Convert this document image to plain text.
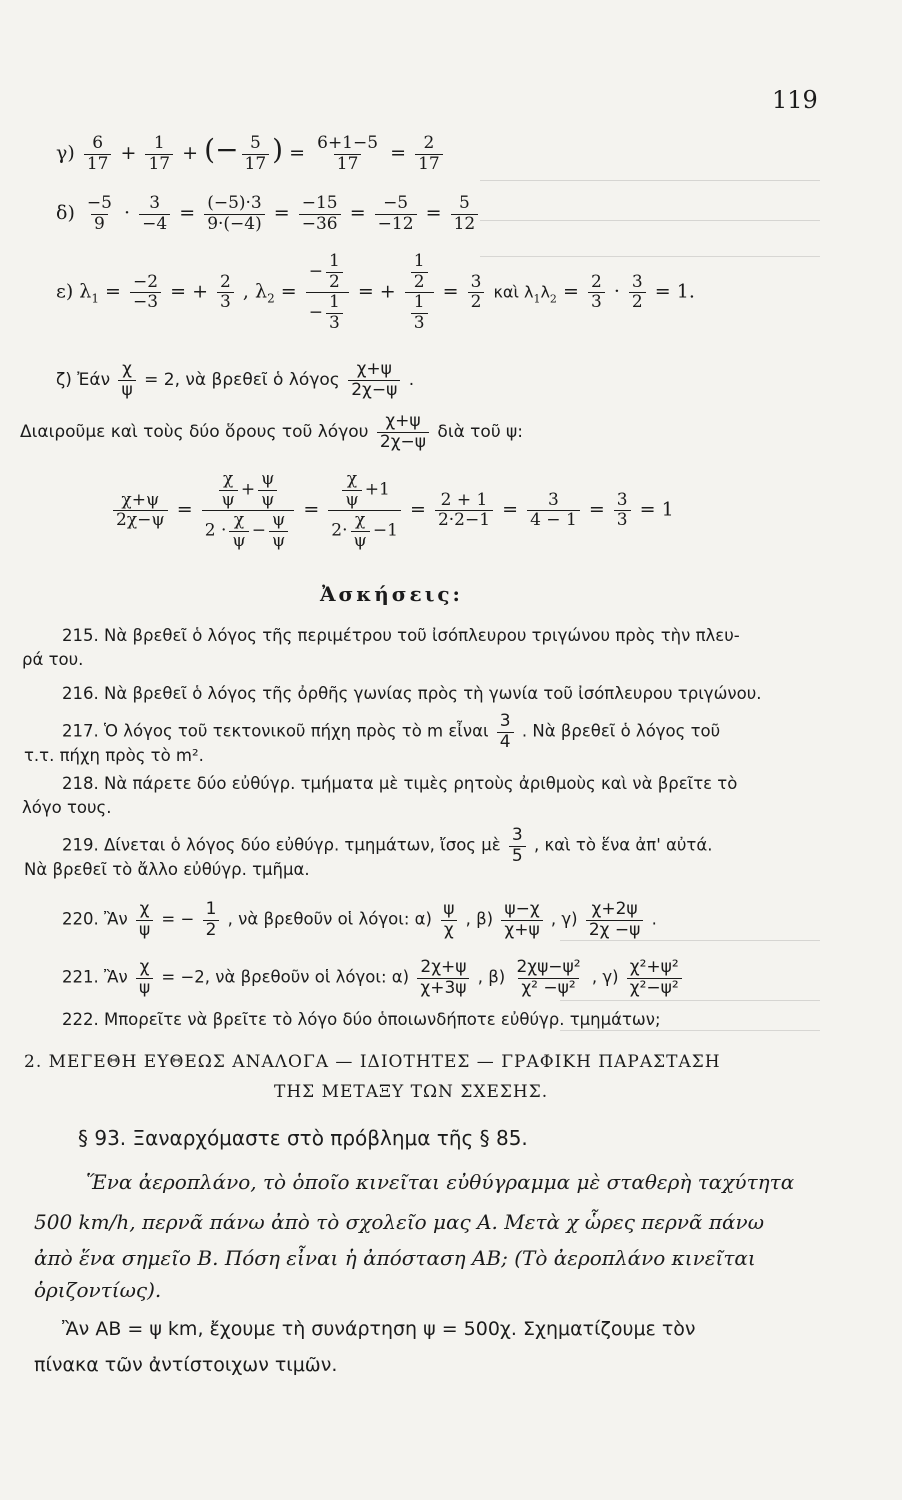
119
$\gamma) \frac{6}{17} + \frac{1}{17}$ + (− $\frac{5}{17}$ ) = $\frac{6+1-5}{17} = \frac{2}{17}$
$\delta) \frac{-5}{9} \cdot \frac{3}{-4} = \frac{(-5)\cdot 3}{9\cdot(-4)} = \frac{-15}{-36} = \frac{-5}{-12} = \frac{5}{12}$
ε) $\lambda_1 = \frac{-2}{-3}$ = + $\frac{2}{3}$ , $\lambda_2 = \frac{- \frac{1}{2}}{- \frac{1}{3}}$ = + $\frac{\frac{1}{2}}{\frac{1}{3}} = \frac{3}{2}$ καὶ $\lambda_1\lambda_2 = \frac{2}{3} \cdot \frac{3}{2} = 1$.
ζ) Ἐάν $\frac{\chi}{\psi} = 2$, νὰ βρεθεῖ ὁ λόγος $\frac{\chi+\psi}{2\chi-\psi}$ .
Διαιροῦμε καὶ τοὺς δύο ὅρους τοῦ λόγου $\frac{\chi+\psi}{2\chi-\psi}$ διὰ τοῦ ψ:
$\frac{\chi+\psi}{2\chi-\psi} = \frac{\frac{\chi}{\psi} + \frac{\psi}{\psi}}{2 \cdot \frac{\chi}{\psi} - \frac{\psi}{\psi}} = \frac{\frac{\chi}{\psi} +1}{2\cdot \frac{\chi}{\psi} -1} = \frac{2 + 1}{2\cdot 2-1} = \frac{3}{4 - 1} = \frac{3}{3} = 1$
Ἀσκήσεις:
215. Νὰ βρεθεῖ ὁ λόγος τῆς περιμέτρου τοῦ ἰσόπλευρου τριγώνου πρὸς τὴν πλευ-
ρά του.
216. Νὰ βρεθεῖ ὁ λόγος τῆς ὀρθῆς γωνίας πρὸς τὴ γωνία τοῦ ἰσόπλευρου τριγώνου.
217. Ὁ λόγος τοῦ τεκτονικοῦ πήχη πρὸς τὸ m εἶναι $\frac{3}{4}$ . Νὰ βρεθεῖ ὁ λόγος τοῦ
τ.τ. πήχη πρὸς τὸ m².
218. Νὰ πάρετε δύο εὐθύγρ. τμήματα μὲ τιμὲς ρητοὺς ἀριθμοὺς καὶ νὰ βρεῖτε τὸ
λόγο τους.
219. Δίνεται ὁ λόγος δύο εὐθύγρ. τμημάτων, ἴσος μὲ $\frac{3}{5}$ , καὶ τὸ ἕνα ἀπ' αὐτά.
Νὰ βρεθεῖ τὸ ἄλλο εὐθύγρ. τμῆμα.
220. Ἂν $\frac{\chi}{\psi}$ = − $\frac{1}{2}$ , νὰ βρεθοῦν οἱ λόγοι: $\alpha) \frac{\psi}{\chi}$ , $\beta) \frac{\psi-\chi}{\chi+\psi}$ , $\gamma) \frac{\chi+2\psi}{2\chi -\psi}$ .
221. Ἂν $\frac{\chi}{\psi} = -2$, νὰ βρεθοῦν οἱ λόγοι: $\alpha) \frac{2\chi+\psi}{\chi+3\psi}$ , $\beta) \frac{\text{2χψ−ψ²}}{\text{χ² −ψ²}}$ , $\gamma) \frac{\text{χ²+ψ²}}{\text{χ²−ψ²}}$
222. Μπορεῖτε νὰ βρεῖτε τὸ λόγο δύο ὁποιωνδήποτε εὐθύγρ. τμημάτων;
2. ΜΕΓΕΘΗ ΕΥΘΕΩΣ ΑΝΑΛΟΓΑ — ΙΔΙΟΤΗΤΕΣ — ΓΡΑΦΙΚΗ ΠΑΡΑΣΤΑΣΗ
ΤΗΣ ΜΕΤΑΞΥ ΤΩΝ ΣΧΕΣΗΣ.
§ 93. Ξαναρχόμαστε στὸ πρόβλημα τῆς § 85.
Ἕνα ἀεροπλάνο, τὸ ὁποῖο κινεῖται εὐθύγραμμα μὲ σταθερὴ ταχύτητα
500 km/h, περνᾶ πάνω ἀπὸ τὸ σχολεῖο μας Α. Μετὰ χ ὧρες περνᾶ πάνω
ἀπὸ ἕνα σημεῖο Β. Πόση εἶναι ἡ ἀπόσταση ΑΒ; (Τὸ ἀεροπλάνο κινεῖται
ὁριζοντίως).
Ἂν ΑΒ = ψ km, ἔχουμε τὴ συνάρτηση ψ = 500χ. Σχηματίζουμε τὸν
πίνακα τῶν ἀντίστοιχων τιμῶν.
